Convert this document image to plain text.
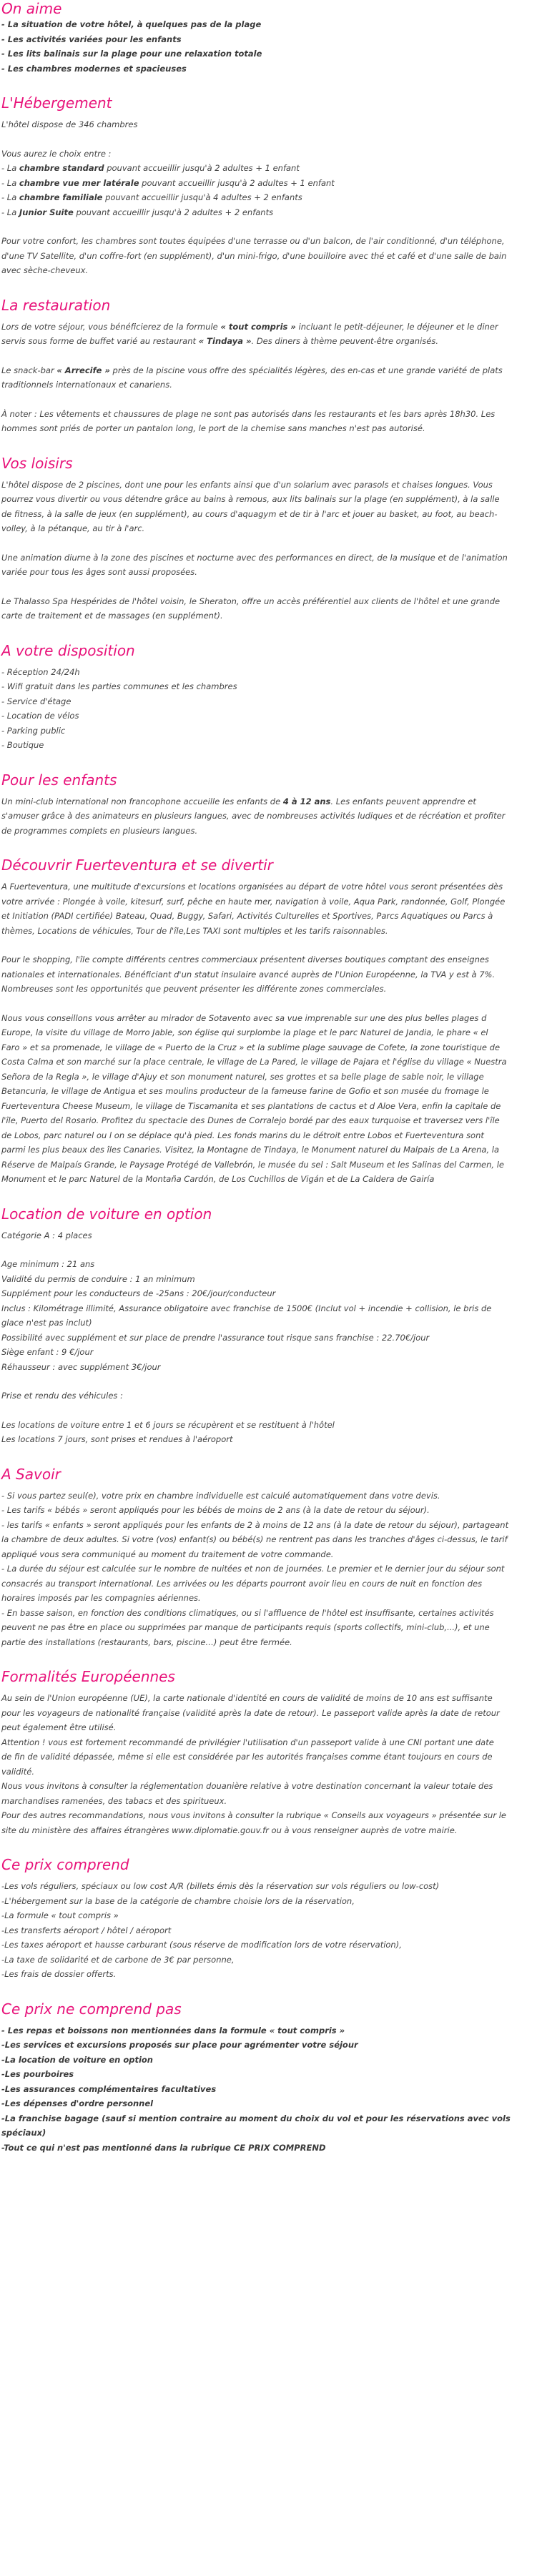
On aime
- La situation de votre hôtel, à quelques pas de la plage
- Les activités variées pour les enfants
- Les lits balinais sur la plage pour une relaxation totale
- Les chambres modernes et spacieuses
L'Hébergement

L'hôtel dispose de 346 chambres

Vous aurez le choix entre :

- La chambre standard pouvant accueillir jusqu'à 2 adultes + 1 enfant

- La chambre vue mer latérale pouvant accueillir jusqu'à 2 adultes + 1 enfant

- La chambre familiale pouvant accueillir jusqu'à 4 adultes + 2 enfants

- La Junior Suite pouvant accueillir jusqu'à 2 adultes + 2 enfants

Pour votre confort, les chambres sont toutes équipées d'une terrasse ou d'un balcon, de l'air conditionné, d'un téléphone,

d'une TV Satellite, d'un coffre-fort (en supplément), d'un mini-frigo, d'une bouilloire avec thé et café et d'une salle de bain

avec sèche-cheveux.

La restauration

Lors de votre séjour, vous bénéficierez de la formule « tout compris » incluant le petit-déjeuner, le déjeuner et le diner

servis sous forme de buffet varié au restaurant « Tindaya ». Des diners à thème peuvent-être organisés.

Le snack-bar « Arrecife » près de la piscine vous offre des spécialités légères, des en-cas et une grande variété de plats

traditionnels internationaux et canariens.

À noter : Les vêtements et chaussures de plage ne sont pas autorisés dans les restaurants et les bars après 18h30. Les

hommes sont priés de porter un pantalon long, le port de la chemise sans manches n'est pas autorisé.

Vos loisirs

L'hôtel dispose de 2 piscines, dont une pour les enfants ainsi que d'un solarium avec parasols et chaises longues. Vous

pourrez vous divertir ou vous détendre grâce au bains à remous, aux lits balinais sur la plage (en supplément), à la salle

de fitness, à la salle de jeux (en supplément), au cours d'aquagym et de tir à l'arc et jouer au basket, au foot, au beach-

volley, à la pétanque, au tir à l'arc.

Une animation diurne à la zone des piscines et nocturne avec des performances en direct, de la musique et de l'animation

variée pour tous les âges sont aussi proposées.

Le Thalasso Spa Hespérides de l'hôtel voisin, le Sheraton, offre un accès préférentiel aux clients de l'hôtel et une grande

carte de traitement et de massages (en supplément).

A votre disposition
- Réception 24/24h
- Wifi gratuit dans les parties communes et les chambres
- Service d'étage
- Location de vélos
- Parking public
- Boutique
Pour les enfants

Un mini-club international non francophone accueille les enfants de 4 à 12 ans. Les enfants peuvent apprendre et

s'amuser grâce à des animateurs en plusieurs langues, avec de nombreuses activités ludiques et de récréation et profiter

de programmes complets en plusieurs langues.

Découvrir Fuerteventura et se divertir

A Fuerteventura, une multitude d'excursions et locations organisées au départ de votre hôtel vous seront présentées dès

votre arrivée : Plongée à voile, kitesurf, surf, pêche en haute mer, navigation à voile, Aqua Park, randonnée, Golf, Plongée

et Initiation (PADI certifiée) Bateau, Quad, Buggy, Safari, Activités Culturelles et Sportives, Parcs Aquatiques ou Parcs à

thèmes, Locations de véhicules, Tour de l'île,Les TAXI sont multiples et les tarifs raisonnables.

Pour le shopping, l'île compte différents centres commerciaux présentent diverses boutiques comptant des enseignes

nationales et internationales. Bénéficiant d'un statut insulaire avancé auprès de l'Union Européenne, la TVA y est à 7%.

Nombreuses sont les opportunités que peuvent présenter les différente zones commerciales.

Nous vous conseillons vous arrêter au mirador de Sotavento avec sa vue imprenable sur une des plus belles plages d

Europe, la visite du village de Morro Jable, son église qui surplombe la plage et le parc Naturel de Jandia, le phare « el

Faro » et sa promenade, le village de « Puerto de la Cruz » et la sublime plage sauvage de Cofete, la zone touristique de

Costa Calma et son marché sur la place centrale, le village de La Pared, le village de Pajara et l'église du village « Nuestra

Señora de la Regla », le village d'Ajuy et son monument naturel, ses grottes et sa belle plage de sable noir, le village

Betancuria, le village de Antigua et ses moulins producteur de la fameuse farine de Gofio et son musée du fromage le

Fuerteventura Cheese Museum, le village de Tiscamanita et ses plantations de cactus et d Aloe Vera, enfin la capitale de

l'île, Puerto del Rosario. Profitez du spectacle des Dunes de Corralejo bordé par des eaux turquoise et traversez vers l'île

de Lobos, parc naturel ou l on se déplace qu'à pied. Les fonds marins du le détroit entre Lobos et Fuerteventura sont

parmi les plus beaux des îles Canaries. Visitez, la Montagne de Tindaya, le Monument naturel du Malpais de La Arena, la

Réserve de Malpaís Grande, le Paysage Protégé de Vallebrón, le musée du sel : Salt Museum et les Salinas del Carmen, le

Monument et le parc Naturel de la Montaña Cardón, de Los Cuchillos de Vigán et de La Caldera de Gairía

Location de voiture en option

Catégorie A : 4 places

Age minimum : 21 ans

Validité du permis de conduire : 1 an minimum

Supplément pour les conducteurs de -25ans : 20€/jour/conducteur

Inclus : Kilométrage illimité, Assurance obligatoire avec franchise de 1500€ (Inclut vol + incendie + collision, le bris de

glace n'est pas inclut)

Possibilité avec supplément et sur place de prendre l'assurance tout risque sans franchise : 22.70€/jour

Siège enfant : 9 €/jour

Réhausseur : avec supplément 3€/jour

Prise et rendu des véhicules :

Les locations de voiture entre 1 et 6 jours se récupèrent et se restituent à l'hôtel

Les locations 7 jours, sont prises et rendues à l'aéroport

A Savoir

- Si vous partez seul(e), votre prix en chambre individuelle est calculé automatiquement dans votre devis.

- Les tarifs « bébés » seront appliqués pour les bébés de moins de 2 ans (à la date de retour du séjour).

- les tarifs « enfants » seront appliqués pour les enfants de 2 à moins de 12 ans (à la date de retour du séjour), partageant

la chambre de deux adultes. Si votre (vos) enfant(s) ou bébé(s) ne rentrent pas dans les tranches d'âges ci-dessus, le tarif

appliqué vous sera communiqué au moment du traitement de votre commande.

- La durée du séjour est calculée sur le nombre de nuitées et non de journées. Le premier et le dernier jour du séjour sont

consacrés au transport international. Les arrivées ou les départs pourront avoir lieu en cours de nuit en fonction des

horaires imposés par les compagnies aériennes.

- En basse saison, en fonction des conditions climatiques, ou si l'affluence de l'hôtel est insuffisante, certaines activités

peuvent ne pas être en place ou supprimées par manque de participants requis (sports collectifs, mini-club,...), et une

partie des installations (restaurants, bars, piscine…) peut être fermée.

Formalités Européennes

Au sein de l'Union européenne (UE), la carte nationale d'identité en cours de validité de moins de 10 ans est suffisante

pour les voyageurs de nationalité française (validité après la date de retour). Le passeport valide après la date de retour

peut également être utilisé.

Attention ! vous est fortement recommandé de privilégier l'utilisation d'un passeport valide à une CNI portant une date

de fin de validité dépassée, même si elle est considérée par les autorités françaises comme étant toujours en cours de

validité.

Nous vous invitons à consulter la réglementation douanière relative à votre destination concernant la valeur totale des

marchandises ramenées, des tabacs et des spiritueux.

Pour des autres recommandations, nous vous invitons à consulter la rubrique « Conseils aux voyageurs » présentée sur le

site du ministère des affaires étrangères www.diplomatie.gouv.fr ou à vous renseigner auprès de votre mairie.

Ce prix comprend
-Les vols réguliers, spéciaux ou low cost A/R (billets émis dès la réservation sur vols réguliers ou low-cost)
-L'hébergement sur la base de la catégorie de chambre choisie lors de la réservation,
-La formule « tout compris »
-Les transferts aéroport / hôtel / aéroport
-Les taxes aéroport et hausse carburant (sous réserve de modification lors de votre réservation),
-La taxe de solidarité et de carbone de 3€ par personne,
-Les frais de dossier offerts.
Ce prix ne comprend pas
- Les repas et boissons non mentionnées dans la formule « tout compris »
-Les services et excursions proposés sur place pour agrémenter votre séjour
-La location de voiture en option
-Les pourboires
-Les assurances complémentaires facultatives
-Les dépenses d'ordre personnel
-La franchise bagage (sauf si mention contraire au moment du choix du vol et pour les réservations avec vols
spéciaux)
-Tout ce qui n'est pas mentionné dans la rubrique CE PRIX COMPREND
